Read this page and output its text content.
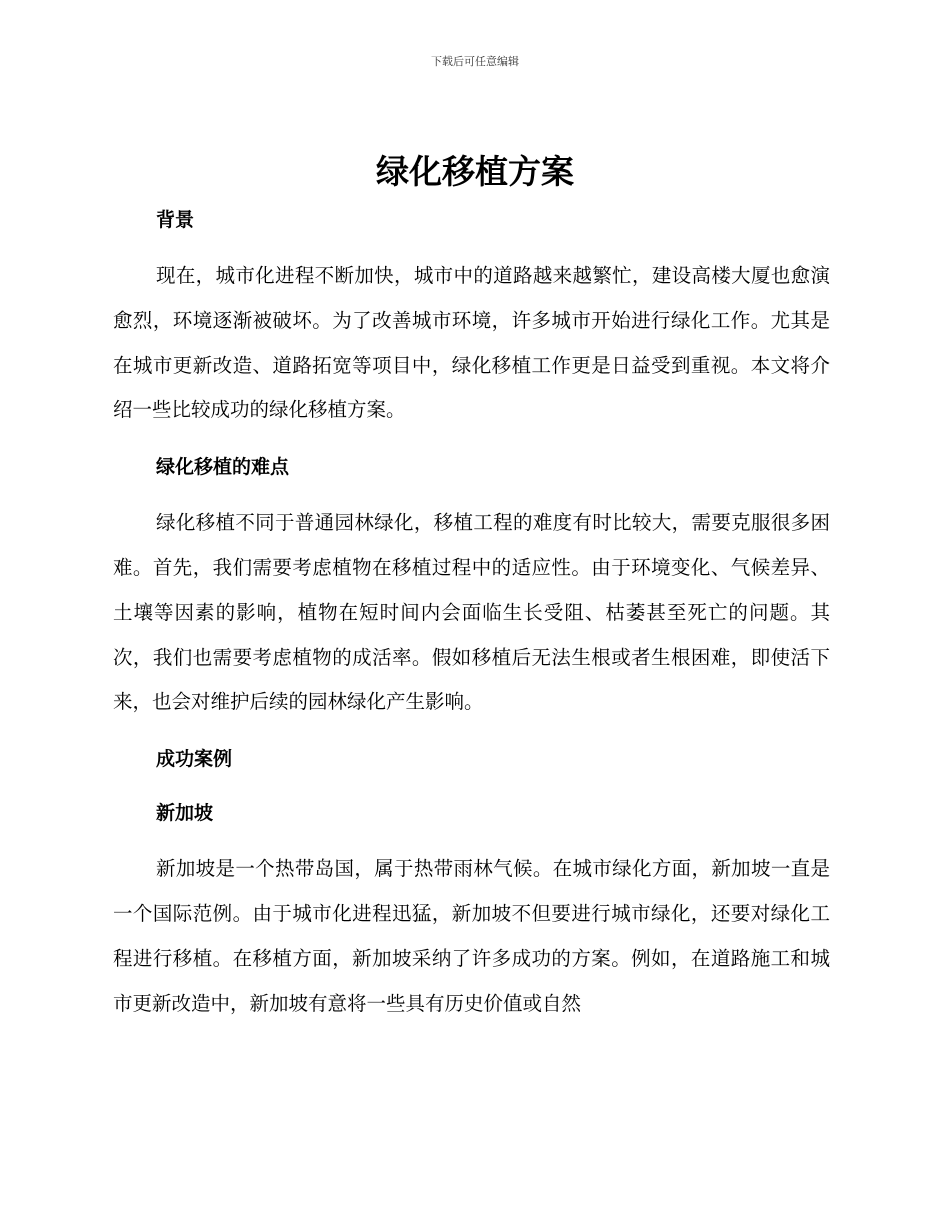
下载后可任意编辑
绿化移植方案
背景

现在，城市化进程不断加快，城市中的道路越来越繁忙，建设高楼大厦也愈演愈烈，环境逐渐被破坏。为了改善城市环境，许多城市开始进行绿化工作。尤其是在城市更新改造、道路拓宽等项目中，绿化移植工作更是日益受到重视。本文将介绍一些比较成功的绿化移植方案。

绿化移植的难点

绿化移植不同于普通园林绿化，移植工程的难度有时比较大，需要克服很多困难。首先，我们需要考虑植物在移植过程中的适应性。由于环境变化、气候差异、土壤等因素的影响，植物在短时间内会面临生长受阻、枯萎甚至死亡的问题。其次，我们也需要考虑植物的成活率。假如移植后无法生根或者生根困难，即使活下来，也会对维护后续的园林绿化产生影响。

成功案例
新加坡

新加坡是一个热带岛国，属于热带雨林气候。在城市绿化方面，新加坡一直是一个国际范例。由于城市化进程迅猛，新加坡不但要进行城市绿化，还要对绿化工程进行移植。在移植方面，新加坡采纳了许多成功的方案。例如，在道路施工和城市更新改造中，新加坡有意将一些具有历史价值或自然
